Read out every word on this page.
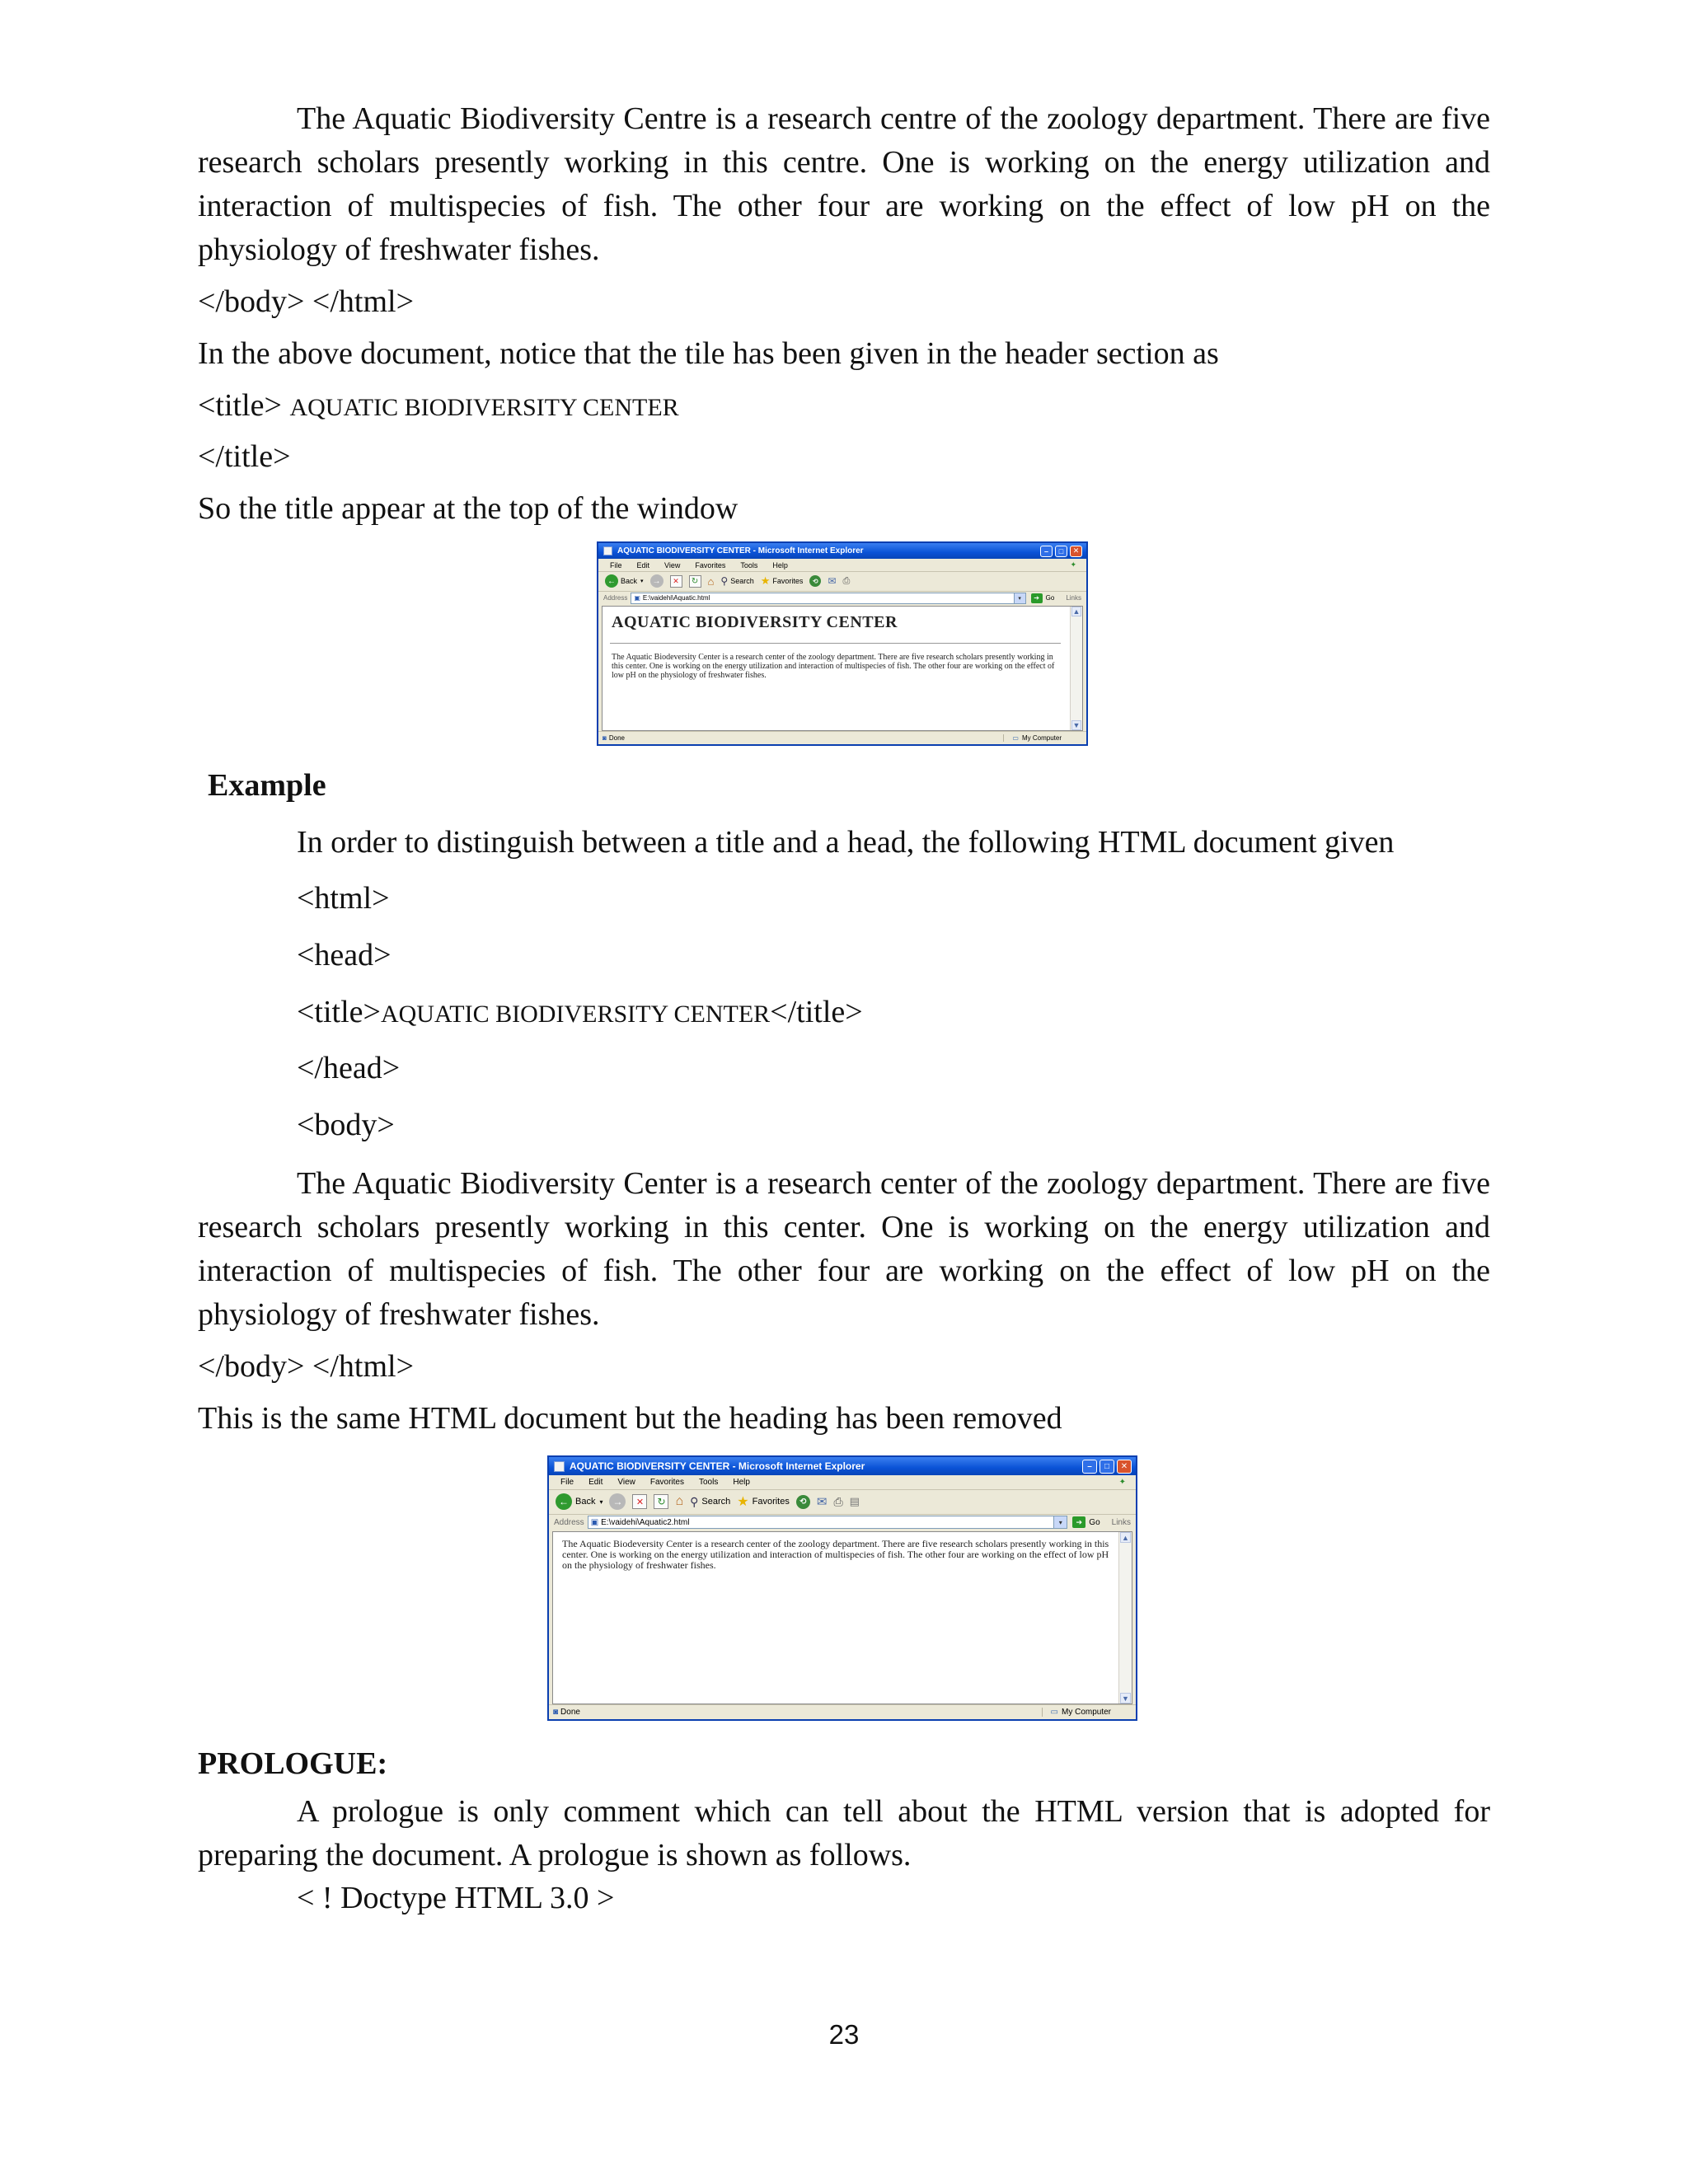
The Aquatic Biodiversity Centre is a research centre of the zoology department. There are five research scholars presently working in this centre. One is working on the energy utilization and interaction of multispecies of fish. The other four are working on the effect of low pH on the physiology of freshwater fishes.
</body> </html>
In the above document, notice that the tile has been given in the header section as
<title> AQUATIC BIODIVERSITY CENTER
</title>
So the title appear at the top of the window
AQUATIC BIODIVERSITY CENTER - Microsoft Internet Explorer	–	□	✕
File Edit View Favorites Tools Help	✦
← Back ▾	→	✕	↻ ⌂ ⚲ Search ★ Favorites	⟲ ✉ ⎙
Address ▣ E:\vaidehi\Aquatic.html	▾	➔ Go Links
AQUATIC BIODIVERSITY CENTER
The Aquatic Biodeversity Center is a research center of the zoology department. There are five research scholars presently working in this center. One is working on the energy utilization and interaction of multispecies of fish. The other four are working on the effect of low pH on the physiology of freshwater fishes.
▲
▼
◙ Done	▭ My Computer
Example
In order to distinguish between a title and a head, the following HTML document given
<html>
<head>
<title>AQUATIC BIODIVERSITY CENTER</title>
</head>
<body>
The Aquatic Biodiversity Center is a research center of the zoology department. There are five research scholars presently working in this center. One is working on the energy utilization and interaction of multispecies of fish. The other four are working on the effect of low pH on the physiology of freshwater fishes.
</body> </html>
This is the same HTML document but the heading has been removed
AQUATIC BIODIVERSITY CENTER - Microsoft Internet Explorer	–	□	✕
File Edit View Favorites Tools Help	✦
← Back ▾	→	✕	↻ ⌂ ⚲ Search ★ Favorites	⟲ ✉ ⎙ ▤
Address ▣ E:\vaidehi\Aquatic2.html	▾	➔ Go Links
The Aquatic Biodeversity Center is a research center of the zoology department. There are five research scholars presently working in this center. One is working on the energy utilization and interaction of multispecies of fish. The other four are working on the effect of low pH on the physiology of freshwater fishes.
▲
▼
◙ Done	▭ My Computer
PROLOGUE:
A prologue is only comment which can tell about the HTML version that is adopted for preparing the document. A prologue is shown as follows.
< ! Doctype HTML 3.0 >
23
